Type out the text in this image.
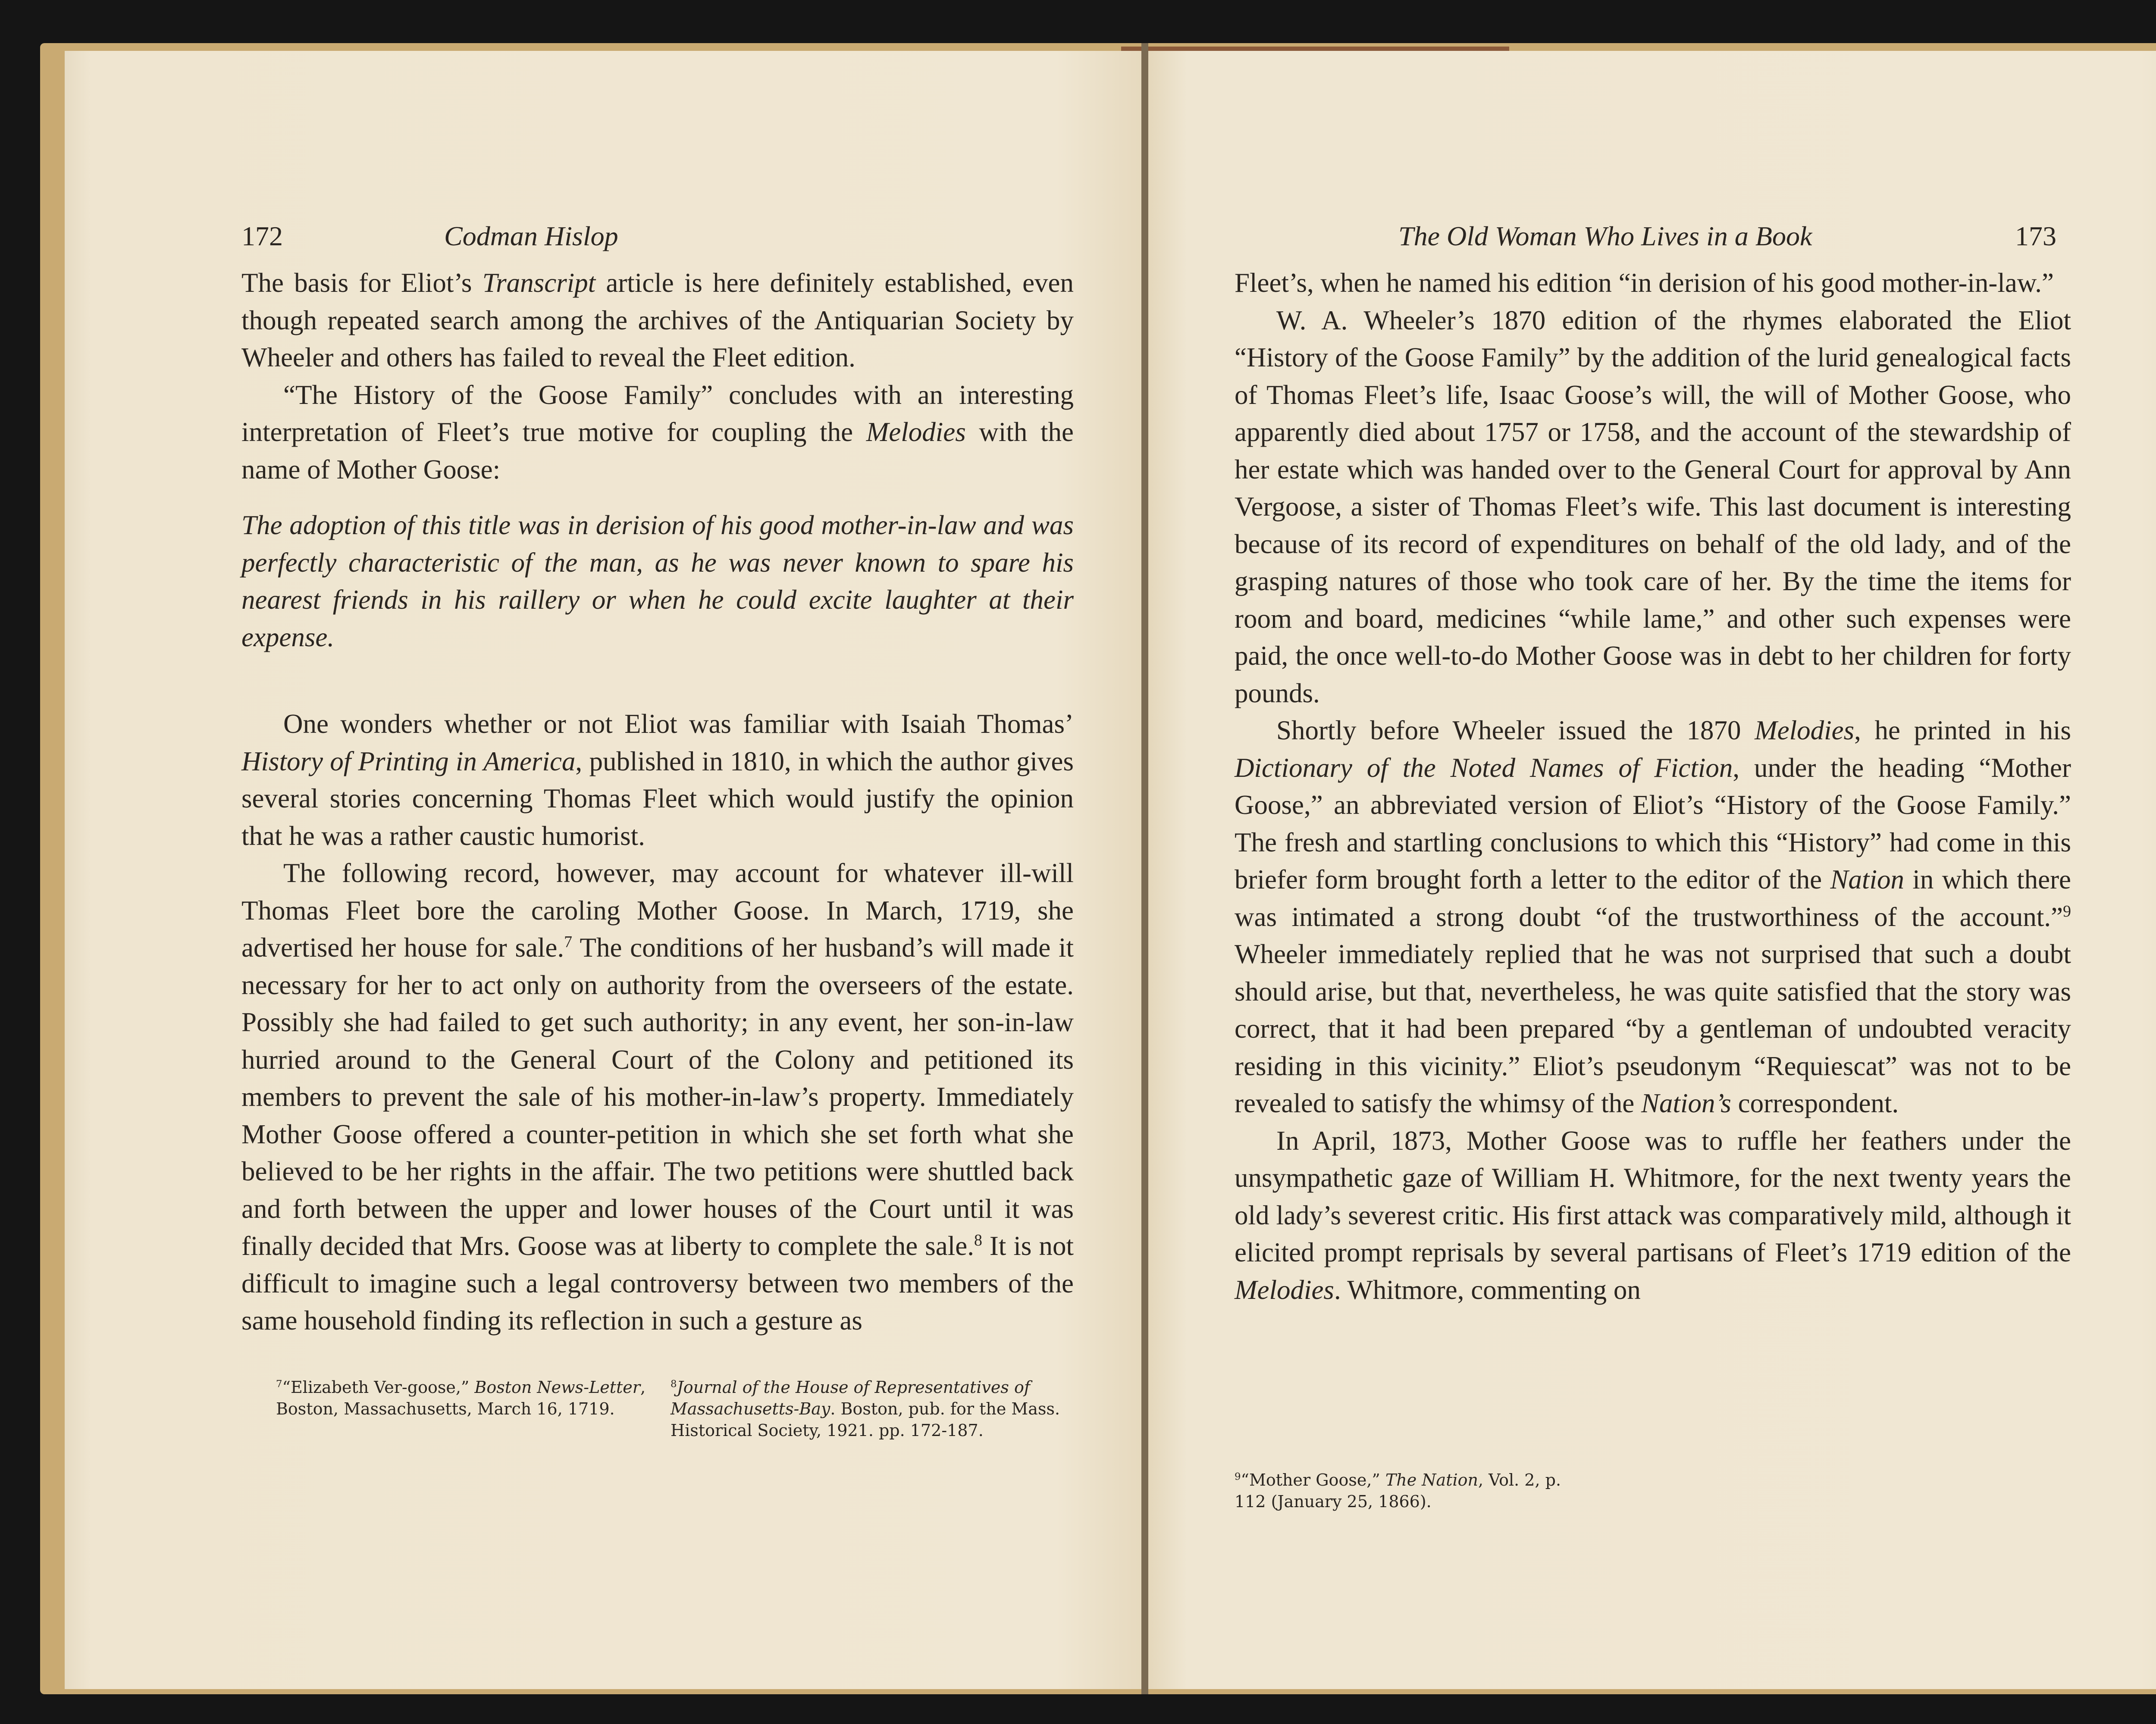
172	Codman Hislop

The basis for Eliot’s Transcript article is here definitely established, even though repeated search among the archives of the Antiquarian Society by Wheeler and others has failed to reveal the Fleet edition.

“The History of the Goose Family” concludes with an interesting interpretation of Fleet’s true motive for coupling the Melodies with the name of Mother Goose:

The adoption of this title was in derision of his good mother-in-law and was perfectly characteristic of the man, as he was never known to spare his nearest friends in his raillery or when he could excite laughter at their expense.

One wonders whether or not Eliot was familiar with Isaiah Thomas’ History of Printing in America, published in 1810, in which the author gives several stories concerning Thomas Fleet which would justify the opinion that he was a rather caustic humorist.

The following record, however, may account for whatever ill-will Thomas Fleet bore the caroling Mother Goose. In March, 1719, she advertised her house for sale.$^7$ The conditions of her husband’s will made it necessary for her to act only on authority from the overseers of the estate. Possibly she had failed to get such authority; in any event, her son-in-law hurried around to the General Court of the Colony and petitioned its members to prevent the sale of his mother-in-law’s property. Immediately Mother Goose offered a counter-petition in which she set forth what she believed to be her rights in the affair. The two petitions were shuttled back and forth between the upper and lower houses of the Court until it was finally decided that Mrs. Goose was at liberty to complete the sale.$^8$ It is not difficult to imagine such a legal controversy between two members of the same household finding its reflection in such a gesture as

$^7$“Elizabeth Ver-goose,” Boston News-Letter, Boston, Massachusetts, March 16, 1719.
$^8$Journal of the House of Representatives of Massachusetts-Bay. Boston, pub. for the Mass. Historical Society, 1921. pp. 172-187.
The Old Woman Who Lives in a Book	173

Fleet’s, when he named his edition “in derision of his good mother-in-law.”

W. A. Wheeler’s 1870 edition of the rhymes elaborated the Eliot “History of the Goose Family” by the addition of the lurid genealogical facts of Thomas Fleet’s life, Isaac Goose’s will, the will of Mother Goose, who apparently died about 1757 or 1758, and the account of the stewardship of her estate which was handed over to the General Court for approval by Ann Vergoose, a sister of Thomas Fleet’s wife. This last document is interesting because of its record of expenditures on behalf of the old lady, and of the grasping natures of those who took care of her. By the time the items for room and board, medicines “while lame,” and other such expenses were paid, the once well-to-do Mother Goose was in debt to her children for forty pounds.

Shortly before Wheeler issued the 1870 Melodies, he printed in his Dictionary of the Noted Names of Fiction, under the heading “Mother Goose,” an abbreviated version of Eliot’s “History of the Goose Family.” The fresh and startling conclusions to which this “History” had come in this briefer form brought forth a letter to the editor of the Nation in which there was intimated a strong doubt “of the trustworthiness of the account.”$^9$ Wheeler immediately replied that he was not surprised that such a doubt should arise, but that, nevertheless, he was quite satisfied that the story was correct, that it had been prepared “by a gentleman of undoubted veracity residing in this vicinity.” Eliot’s pseudonym “Requiescat” was not to be revealed to satisfy the whimsy of the Nation’s correspondent.

In April, 1873, Mother Goose was to ruffle her feathers under the unsympathetic gaze of William H. Whitmore, for the next twenty years the old lady’s severest critic. His first attack was comparatively mild, although it elicited prompt reprisals by several partisans of Fleet’s 1719 edition of the Melodies. Whitmore, commenting on

$^9$“Mother Goose,” The Nation, Vol. 2, p. 112 (January 25, 1866).
